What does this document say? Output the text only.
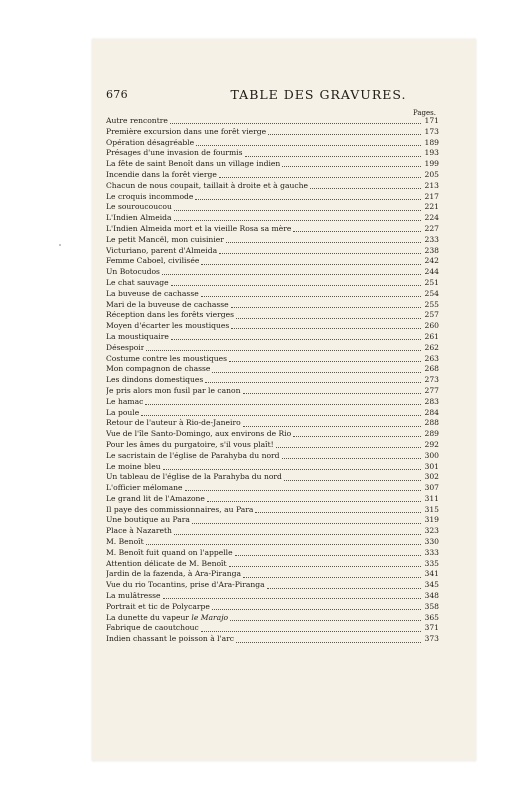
676	TABLE DES GRAVURES.
Pages.
Autre rencontre	171
Première excursion dans une forêt vierge	173
Opération désagréable	189
Présages d'une invasion de fourmis	193
La fête de saint Benoît dans un village indien	199
Incendie dans la forêt vierge	205
Chacun de nous coupait, taillait à droite et à gauche	213
Le croquis incommode	217
Le souroucoucou	221
L'Indien Almeida	224
L'Indien Almeida mort et la vieille Rosa sa mère	227
Le petit Mancël, mon cuisinier	233
Victuriano, parent d'Almeida	238
Femme Caboel, civilisée	242
Un Botocudos	244
Le chat sauvage	251
La buveuse de cachasse	254
Mari de la buveuse de cachasse	255
Réception dans les forêts vierges	257
Moyen d'écarter les moustiques	260
La moustiquaire	261
Désespoir	262
Costume contre les moustiques	263
Mon compagnon de chasse	268
Les dindons domestiques	273
Je pris alors mon fusil par le canon	277
Le hamac	283
La poule	284
Retour de l'auteur à Rio-de-Janeiro	288
Vue de l'île Santo-Domingo, aux environs de Rio	289
Pour les âmes du purgatoire, s'il vous plaît!	292
Le sacristain de l'église de Parahyba du nord	300
Le moine bleu	301
Un tableau de l'église de la Parahyba du nord	302
L'officier mélomane	307
Le grand lit de l'Amazone	311
Il paye des commissionnaires, au Para	315
Une boutique au Para	319
Place à Nazareth	323
M. Benoît	330
M. Benoît fuit quand on l'appelle	333
Attention délicate de M. Benoît	335
Jardin de la fazenda, à Ara-Piranga	341
Vue du rio Tocantins, prise d'Ara-Piranga	345
La mulâtresse	348
Portrait et tic de Polycarpe	358
La dunette du vapeur le Marajo	365
Fabrique de caoutchouc	371
Indien chassant le poisson à l'arc	373
